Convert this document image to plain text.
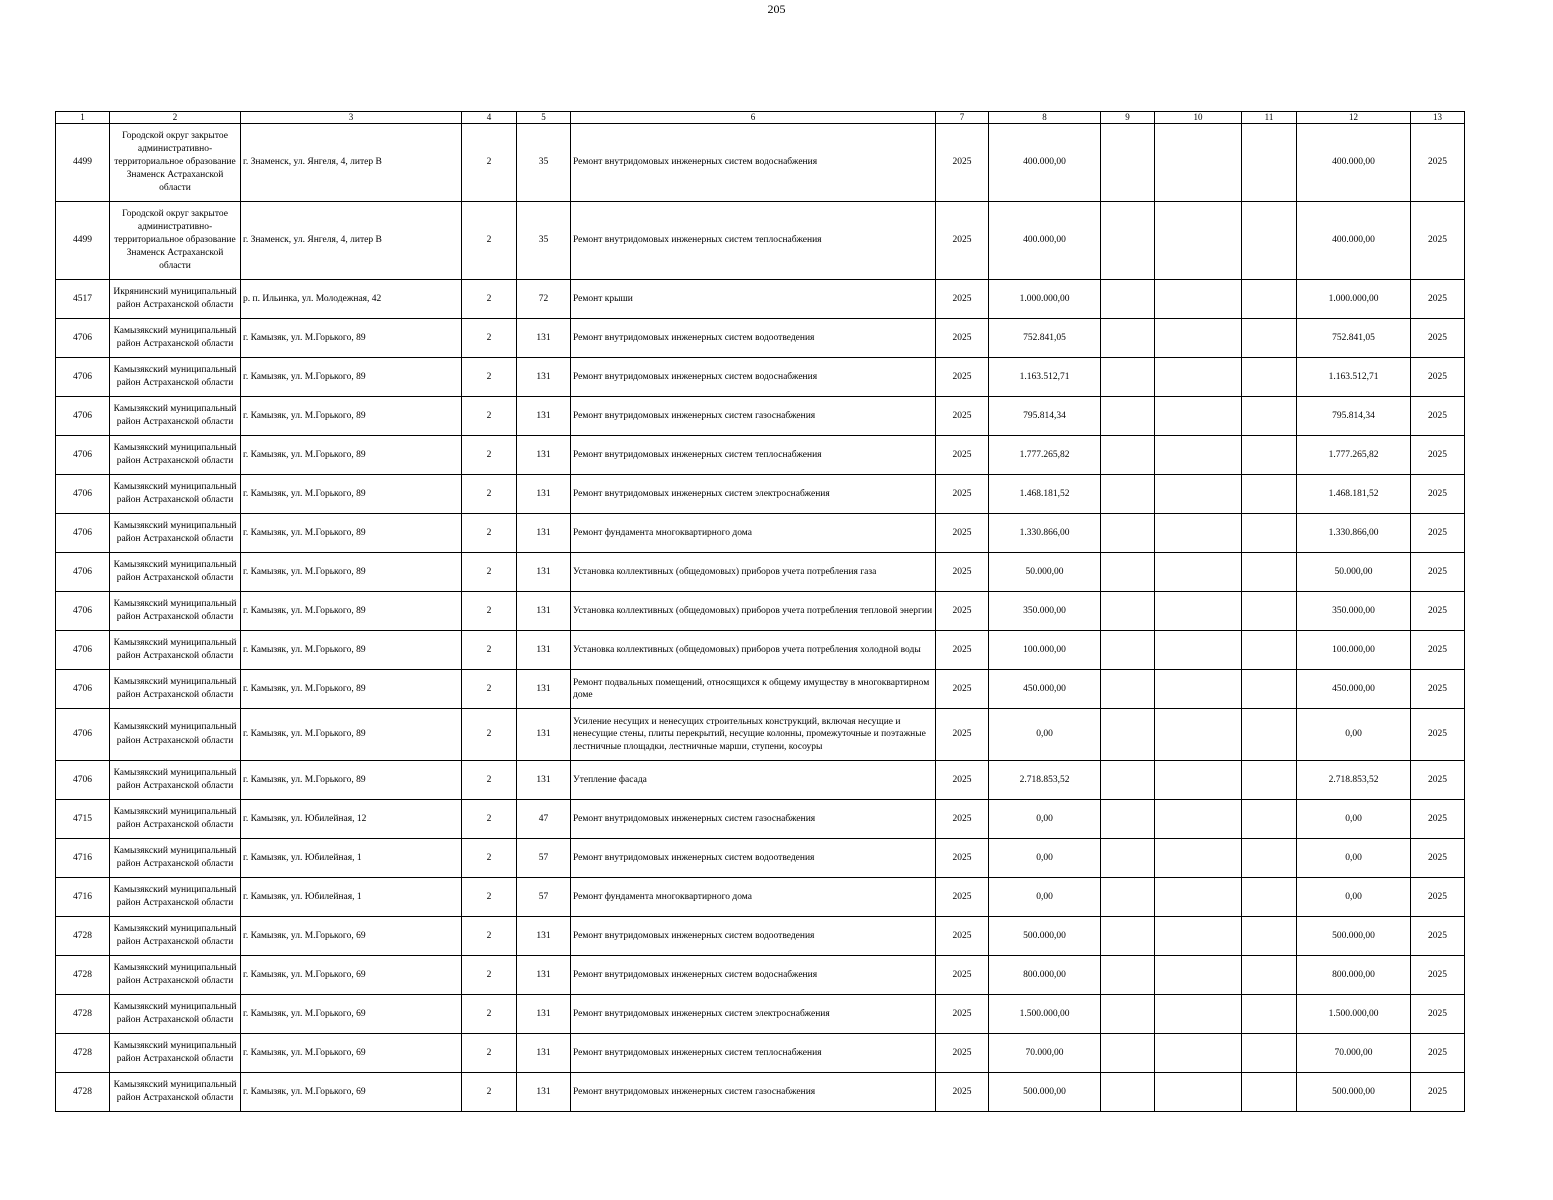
205
1	2	3	4	5	6	7	8	9	10	11	12	13
4499	Городской округ закрытое административно-территориальное образование Знаменск Астраханской области	г. Знаменск, ул. Янгеля, 4, литер В	2	35	Ремонт внутридомовых инженерных систем водоснабжения	2025	400.000,00				400.000,00	2025
4499	Городской округ закрытое административно-территориальное образование Знаменск Астраханской области	г. Знаменск, ул. Янгеля, 4, литер В	2	35	Ремонт внутридомовых инженерных систем теплоснабжения	2025	400.000,00				400.000,00	2025
4517	Икрянинский муниципальный район Астраханской области	р. п. Ильинка, ул. Молодежная, 42	2	72	Ремонт крыши	2025	1.000.000,00				1.000.000,00	2025
4706	Камызякский муниципальный район Астраханской области	г. Камызяк, ул. М.Горького, 89	2	131	Ремонт внутридомовых инженерных систем водоотведения	2025	752.841,05				752.841,05	2025
4706	Камызякский муниципальный район Астраханской области	г. Камызяк, ул. М.Горького, 89	2	131	Ремонт внутридомовых инженерных систем водоснабжения	2025	1.163.512,71				1.163.512,71	2025
4706	Камызякский муниципальный район Астраханской области	г. Камызяк, ул. М.Горького, 89	2	131	Ремонт внутридомовых инженерных систем газоснабжения	2025	795.814,34				795.814,34	2025
4706	Камызякский муниципальный район Астраханской области	г. Камызяк, ул. М.Горького, 89	2	131	Ремонт внутридомовых инженерных систем теплоснабжения	2025	1.777.265,82				1.777.265,82	2025
4706	Камызякский муниципальный район Астраханской области	г. Камызяк, ул. М.Горького, 89	2	131	Ремонт внутридомовых инженерных систем электроснабжения	2025	1.468.181,52				1.468.181,52	2025
4706	Камызякский муниципальный район Астраханской области	г. Камызяк, ул. М.Горького, 89	2	131	Ремонт фундамента многоквартирного дома	2025	1.330.866,00				1.330.866,00	2025
4706	Камызякский муниципальный район Астраханской области	г. Камызяк, ул. М.Горького, 89	2	131	Установка коллективных (общедомовых) приборов учета потребления газа	2025	50.000,00				50.000,00	2025
4706	Камызякский муниципальный район Астраханской области	г. Камызяк, ул. М.Горького, 89	2	131	Установка коллективных (общедомовых) приборов учета потребления тепловой энергии	2025	350.000,00				350.000,00	2025
4706	Камызякский муниципальный район Астраханской области	г. Камызяк, ул. М.Горького, 89	2	131	Установка коллективных (общедомовых) приборов учета потребления холодной воды	2025	100.000,00				100.000,00	2025
4706	Камызякский муниципальный район Астраханской области	г. Камызяк, ул. М.Горького, 89	2	131	Ремонт подвальных помещений, относящихся к общему имуществу в многоквартирном доме	2025	450.000,00				450.000,00	2025
4706	Камызякский муниципальный район Астраханской области	г. Камызяк, ул. М.Горького, 89	2	131	Усиление несущих и ненесущих строительных конструкций, включая несущие и ненесущие стены, плиты перекрытий, несущие колонны, промежуточные и поэтажные лестничные площадки, лестничные марши, ступени, косоуры	2025	0,00				0,00	2025
4706	Камызякский муниципальный район Астраханской области	г. Камызяк, ул. М.Горького, 89	2	131	Утепление фасада	2025	2.718.853,52				2.718.853,52	2025
4715	Камызякский муниципальный район Астраханской области	г. Камызяк, ул. Юбилейная, 12	2	47	Ремонт внутридомовых инженерных систем газоснабжения	2025	0,00				0,00	2025
4716	Камызякский муниципальный район Астраханской области	г. Камызяк, ул. Юбилейная, 1	2	57	Ремонт внутридомовых инженерных систем водоотведения	2025	0,00				0,00	2025
4716	Камызякский муниципальный район Астраханской области	г. Камызяк, ул. Юбилейная, 1	2	57	Ремонт фундамента многоквартирного дома	2025	0,00				0,00	2025
4728	Камызякский муниципальный район Астраханской области	г. Камызяк, ул. М.Горького, 69	2	131	Ремонт внутридомовых инженерных систем водоотведения	2025	500.000,00				500.000,00	2025
4728	Камызякский муниципальный район Астраханской области	г. Камызяк, ул. М.Горького, 69	2	131	Ремонт внутридомовых инженерных систем водоснабжения	2025	800.000,00				800.000,00	2025
4728	Камызякский муниципальный район Астраханской области	г. Камызяк, ул. М.Горького, 69	2	131	Ремонт внутридомовых инженерных систем электроснабжения	2025	1.500.000,00				1.500.000,00	2025
4728	Камызякский муниципальный район Астраханской области	г. Камызяк, ул. М.Горького, 69	2	131	Ремонт внутридомовых инженерных систем теплоснабжения	2025	70.000,00				70.000,00	2025
4728	Камызякский муниципальный район Астраханской области	г. Камызяк, ул. М.Горького, 69	2	131	Ремонт внутридомовых инженерных систем газоснабжения	2025	500.000,00				500.000,00	2025
